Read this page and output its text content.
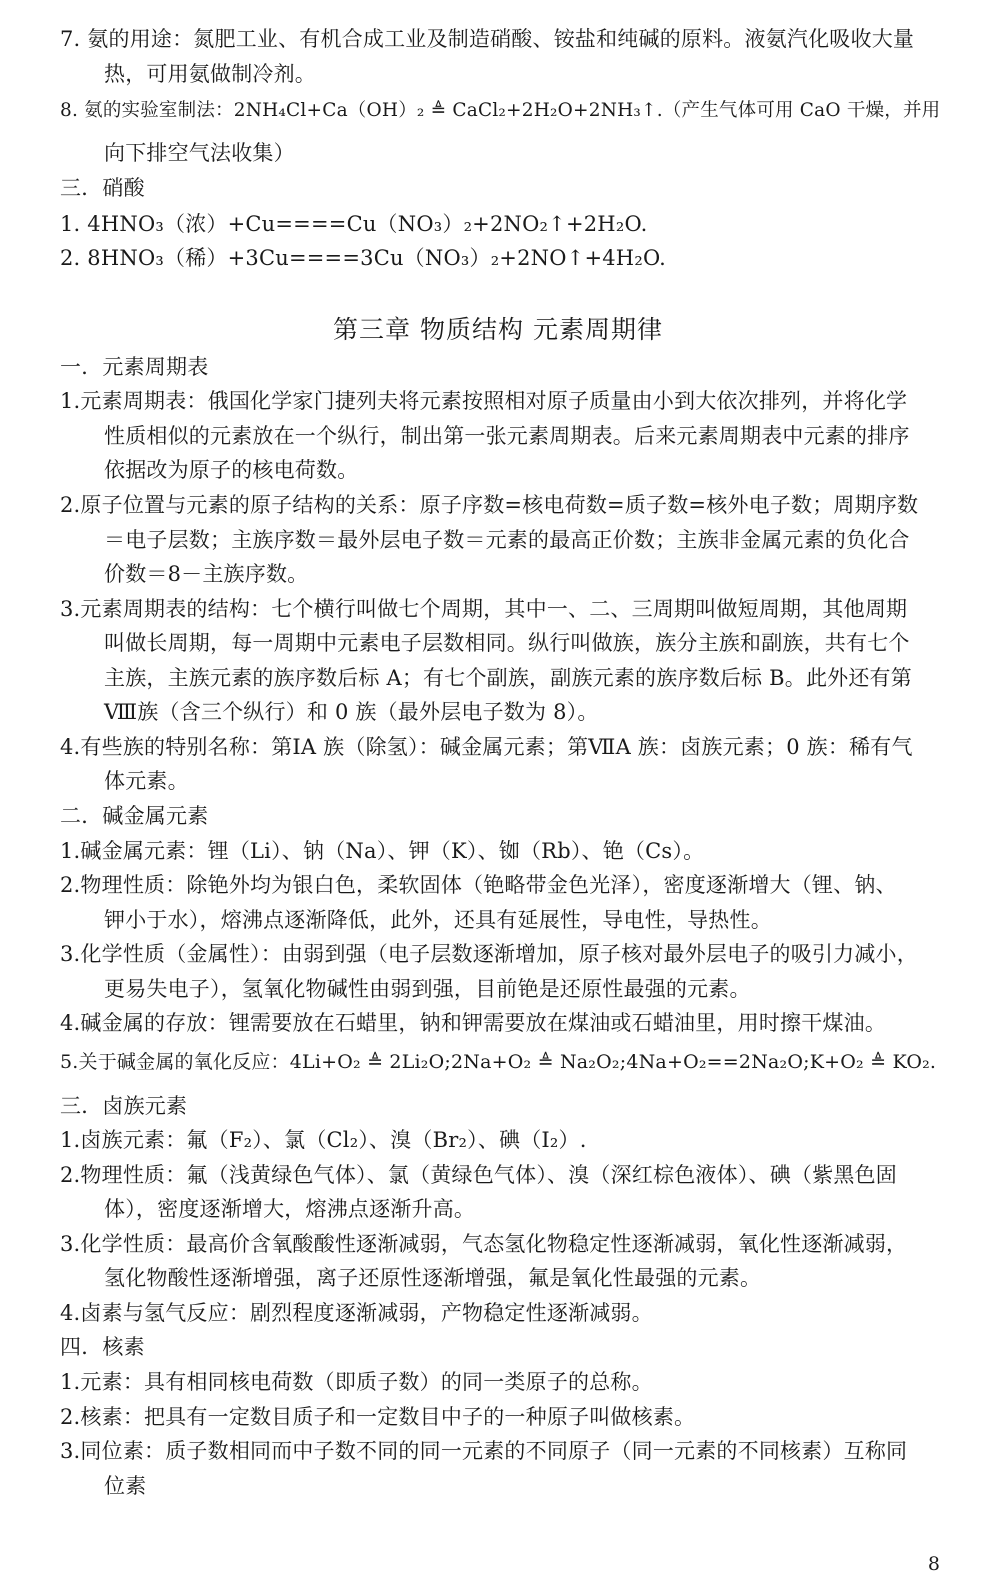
7. 氨的用途：氮肥工业、有机合成工业及制造硝酸、铵盐和纯碱的原料。液氨汽化吸收大量
热，可用氨做制冷剂。
8. 氨的实验室制法：2NH₄Cl+Ca（OH）₂ ≜ CaCl₂+2H₂O+2NH₃↑.（产生气体可用 CaO 干燥，并用
向下排空气法收集）
三．硝酸
1. 4HNO₃（浓）+Cu====Cu（NO₃）₂+2NO₂↑+2H₂O.
2. 8HNO₃（稀）+3Cu====3Cu（NO₃）₂+2NO↑+4H₂O.
第三章 物质结构 元素周期律
一．元素周期表
1.元素周期表：俄国化学家门捷列夫将元素按照相对原子质量由小到大依次排列，并将化学
性质相似的元素放在一个纵行，制出第一张元素周期表。后来元素周期表中元素的排序
依据改为原子的核电荷数。
2.原子位置与元素的原子结构的关系：原子序数=核电荷数=质子数=核外电子数；周期序数
＝电子层数；主族序数＝最外层电子数＝元素的最高正价数；主族非金属元素的负化合
价数＝8－主族序数。
3.元素周期表的结构：七个横行叫做七个周期，其中一、二、三周期叫做短周期，其他周期
叫做长周期，每一周期中元素电子层数相同。纵行叫做族，族分主族和副族，共有七个
主族，主族元素的族序数后标 A；有七个副族，副族元素的族序数后标 B。此外还有第
Ⅷ族（含三个纵行）和 0 族（最外层电子数为 8）。
4.有些族的特别名称：第ⅠA 族（除氢）：碱金属元素；第ⅦA 族：卤族元素；0 族：稀有气
体元素。
二．碱金属元素
1.碱金属元素：锂（Li）、钠（Na）、钾（K）、铷（Rb）、铯（Cs）。
2.物理性质：除铯外均为银白色，柔软固体（铯略带金色光泽），密度逐渐增大（锂、钠、
钾小于水），熔沸点逐渐降低，此外，还具有延展性，导电性，导热性。
3.化学性质（金属性）：由弱到强（电子层数逐渐增加，原子核对最外层电子的吸引力减小，
更易失电子），氢氧化物碱性由弱到强，目前铯是还原性最强的元素。
4.碱金属的存放：锂需要放在石蜡里，钠和钾需要放在煤油或石蜡油里，用时擦干煤油。
5.关于碱金属的氧化反应：4Li+O₂ ≜ 2Li₂O;2Na+O₂ ≜ Na₂O₂;4Na+O₂==2Na₂O;K+O₂ ≜ KO₂.
三．卤族元素
1.卤族元素：氟（F₂）、氯（Cl₂）、溴（Br₂）、碘（I₂）.
2.物理性质：氟（浅黄绿色气体）、氯（黄绿色气体）、溴（深红棕色液体）、碘（紫黑色固
体），密度逐渐增大，熔沸点逐渐升高。
3.化学性质：最高价含氧酸酸性逐渐减弱，气态氢化物稳定性逐渐减弱，氧化性逐渐减弱，
氢化物酸性逐渐增强，离子还原性逐渐增强，氟是氧化性最强的元素。
4.卤素与氢气反应：剧烈程度逐渐减弱，产物稳定性逐渐减弱。
四．核素
1.元素：具有相同核电荷数（即质子数）的同一类原子的总称。
2.核素：把具有一定数目质子和一定数目中子的一种原子叫做核素。
3.同位素：质子数相同而中子数不同的同一元素的不同原子（同一元素的不同核素）互称同
位素
8
